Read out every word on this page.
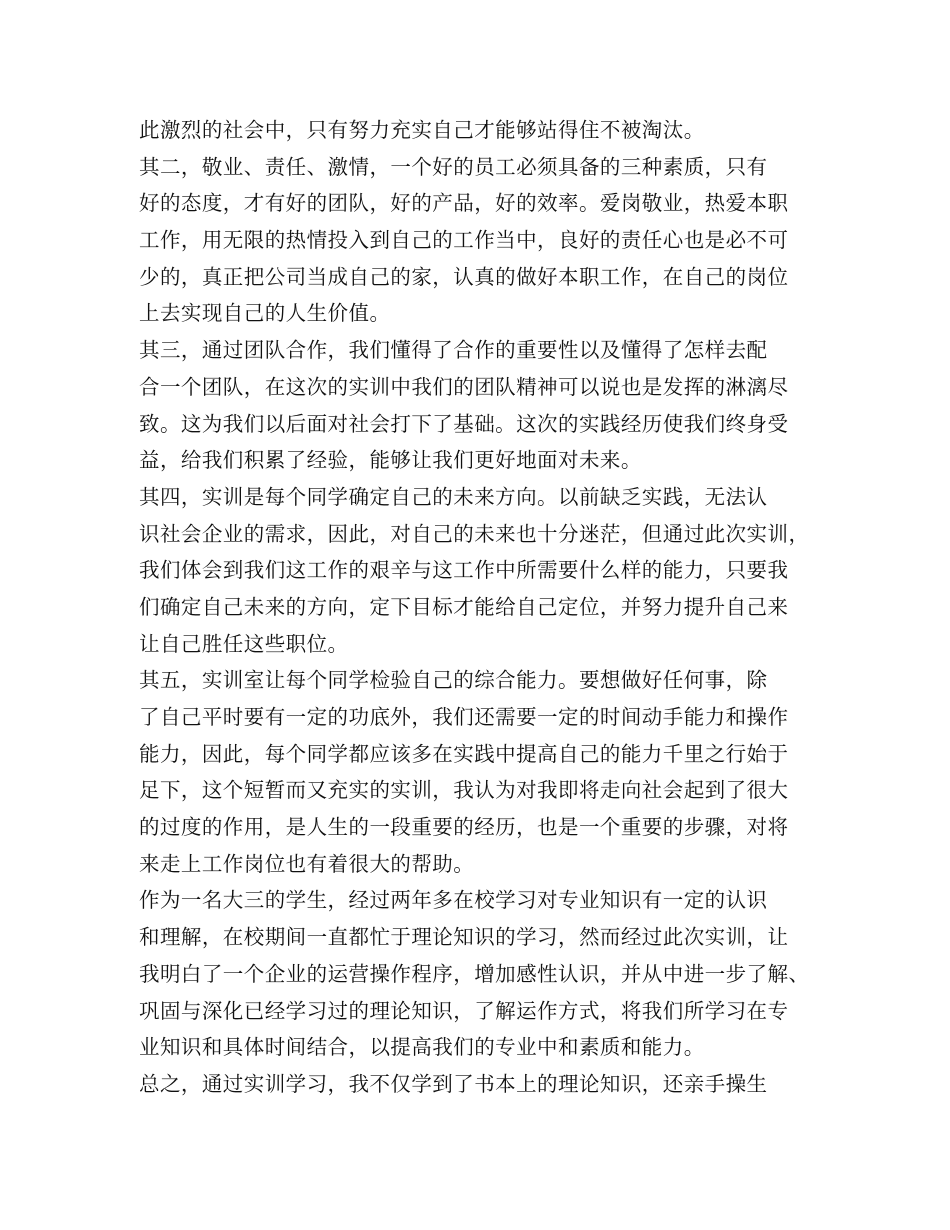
此激烈的社会中，只有努力充实自己才能够站得住不被淘汰。
其二，敬业、责任、激情，一个好的员工必须具备的三种素质，只有
好的态度，才有好的团队，好的产品，好的效率。爱岗敬业，热爱本职
工作，用无限的热情投入到自己的工作当中，良好的责任心也是必不可
少的，真正把公司当成自己的家，认真的做好本职工作，在自己的岗位
上去实现自己的人生价值。
其三，通过团队合作，我们懂得了合作的重要性以及懂得了怎样去配
合一个团队，在这次的实训中我们的团队精神可以说也是发挥的淋漓尽
致。这为我们以后面对社会打下了基础。这次的实践经历使我们终身受
益，给我们积累了经验，能够让我们更好地面对未来。
其四，实训是每个同学确定自己的未来方向。以前缺乏实践，无法认
识社会企业的需求，因此，对自己的未来也十分迷茫，但通过此次实训，
我们体会到我们这工作的艰辛与这工作中所需要什么样的能力，只要我
们确定自己未来的方向，定下目标才能给自己定位，并努力提升自己来
让自己胜任这些职位。
其五，实训室让每个同学检验自己的综合能力。要想做好任何事，除
了自己平时要有一定的功底外，我们还需要一定的时间动手能力和操作
能力，因此，每个同学都应该多在实践中提高自己的能力千里之行始于
足下，这个短暂而又充实的实训，我认为对我即将走向社会起到了很大
的过度的作用，是人生的一段重要的经历，也是一个重要的步骤，对将
来走上工作岗位也有着很大的帮助。
作为一名大三的学生，经过两年多在校学习对专业知识有一定的认识
和理解，在校期间一直都忙于理论知识的学习，然而经过此次实训，让
我明白了一个企业的运营操作程序，增加感性认识，并从中进一步了解、
巩固与深化已经学习过的理论知识，了解运作方式，将我们所学习在专
业知识和具体时间结合，以提高我们的专业中和素质和能力。
总之，通过实训学习，我不仅学到了书本上的理论知识，还亲手操生
